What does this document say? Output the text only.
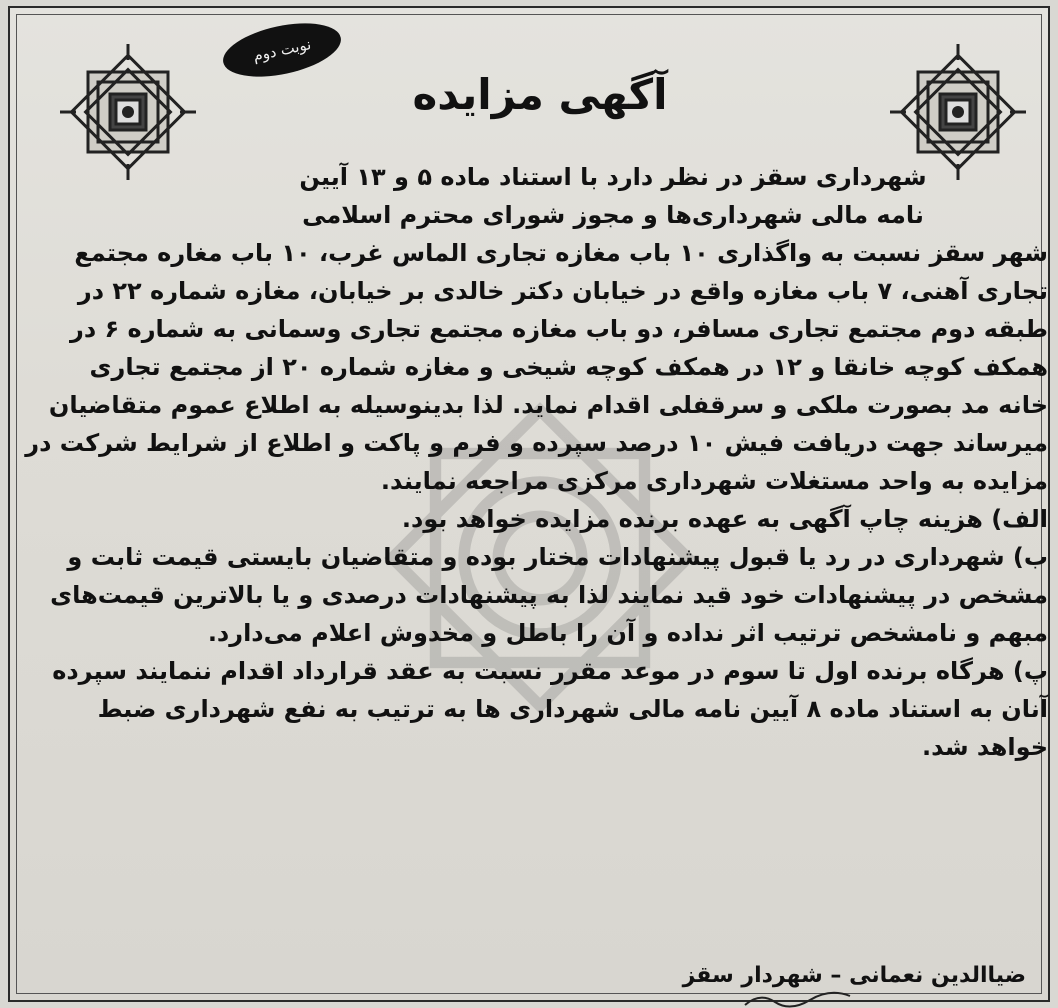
نوبت دوم
آگهی مزایده
شهرداری سقز در نظر دارد با استناد ماده ۵ و ۱۳ آیین
نامه مالی شهرداری‌ها و مجوز شورای محترم اسلامی
شهر سقز نسبت به واگذاری ۱۰ باب مغازه تجاری الماس غرب، ۱۰ باب مغاره مجتمع
تجاری آهنی، ۷ باب مغازه واقع در خیابان دکتر خالدی بر خیابان، مغازه شماره ۲۲ در
طبقه دوم مجتمع تجاری مسافر، دو باب مغازه مجتمع تجاری وسمانی به شماره ۶ در
همکف کوچه خانقا و ۱۲ در همکف کوچه شیخی و مغازه شماره ۲۰ از مجتمع تجاری
خانه مد بصورت ملکی و سرقفلی اقدام نماید. لذا بدینوسیله به اطلاع عموم متقاضیان
میرساند جهت دریافت فیش ۱۰ درصد سپرده و فرم و پاکت و اطلاع از شرایط شرکت در
مزایده به واحد مستغلات شهرداری مرکزی مراجعه نمایند.
الف) هزینه چاپ آگهی به عهده برنده مزایده خواهد بود.
ب) شهرداری در رد یا قبول پیشنهادات مختار بوده و متقاضیان بایستی قیمت ثابت و
مشخص در پیشنهادات خود قید نمایند لذا به پیشنهادات درصدی و یا بالاترین قیمت‌های
مبهم و نامشخص ترتیب اثر نداده و آن را باطل و مخدوش اعلام می‌دارد.
پ) هرگاه برنده اول تا سوم در موعد مقرر نسبت به عقد قرارداد اقدام ننمایند سپرده
آنان به استناد ماده ۸ آیین نامه مالی شهرداری ها به ترتیب به نفع شهرداری ضبط
خواهد شد.
ضیاالدین نعمانی – شهردار سقز
